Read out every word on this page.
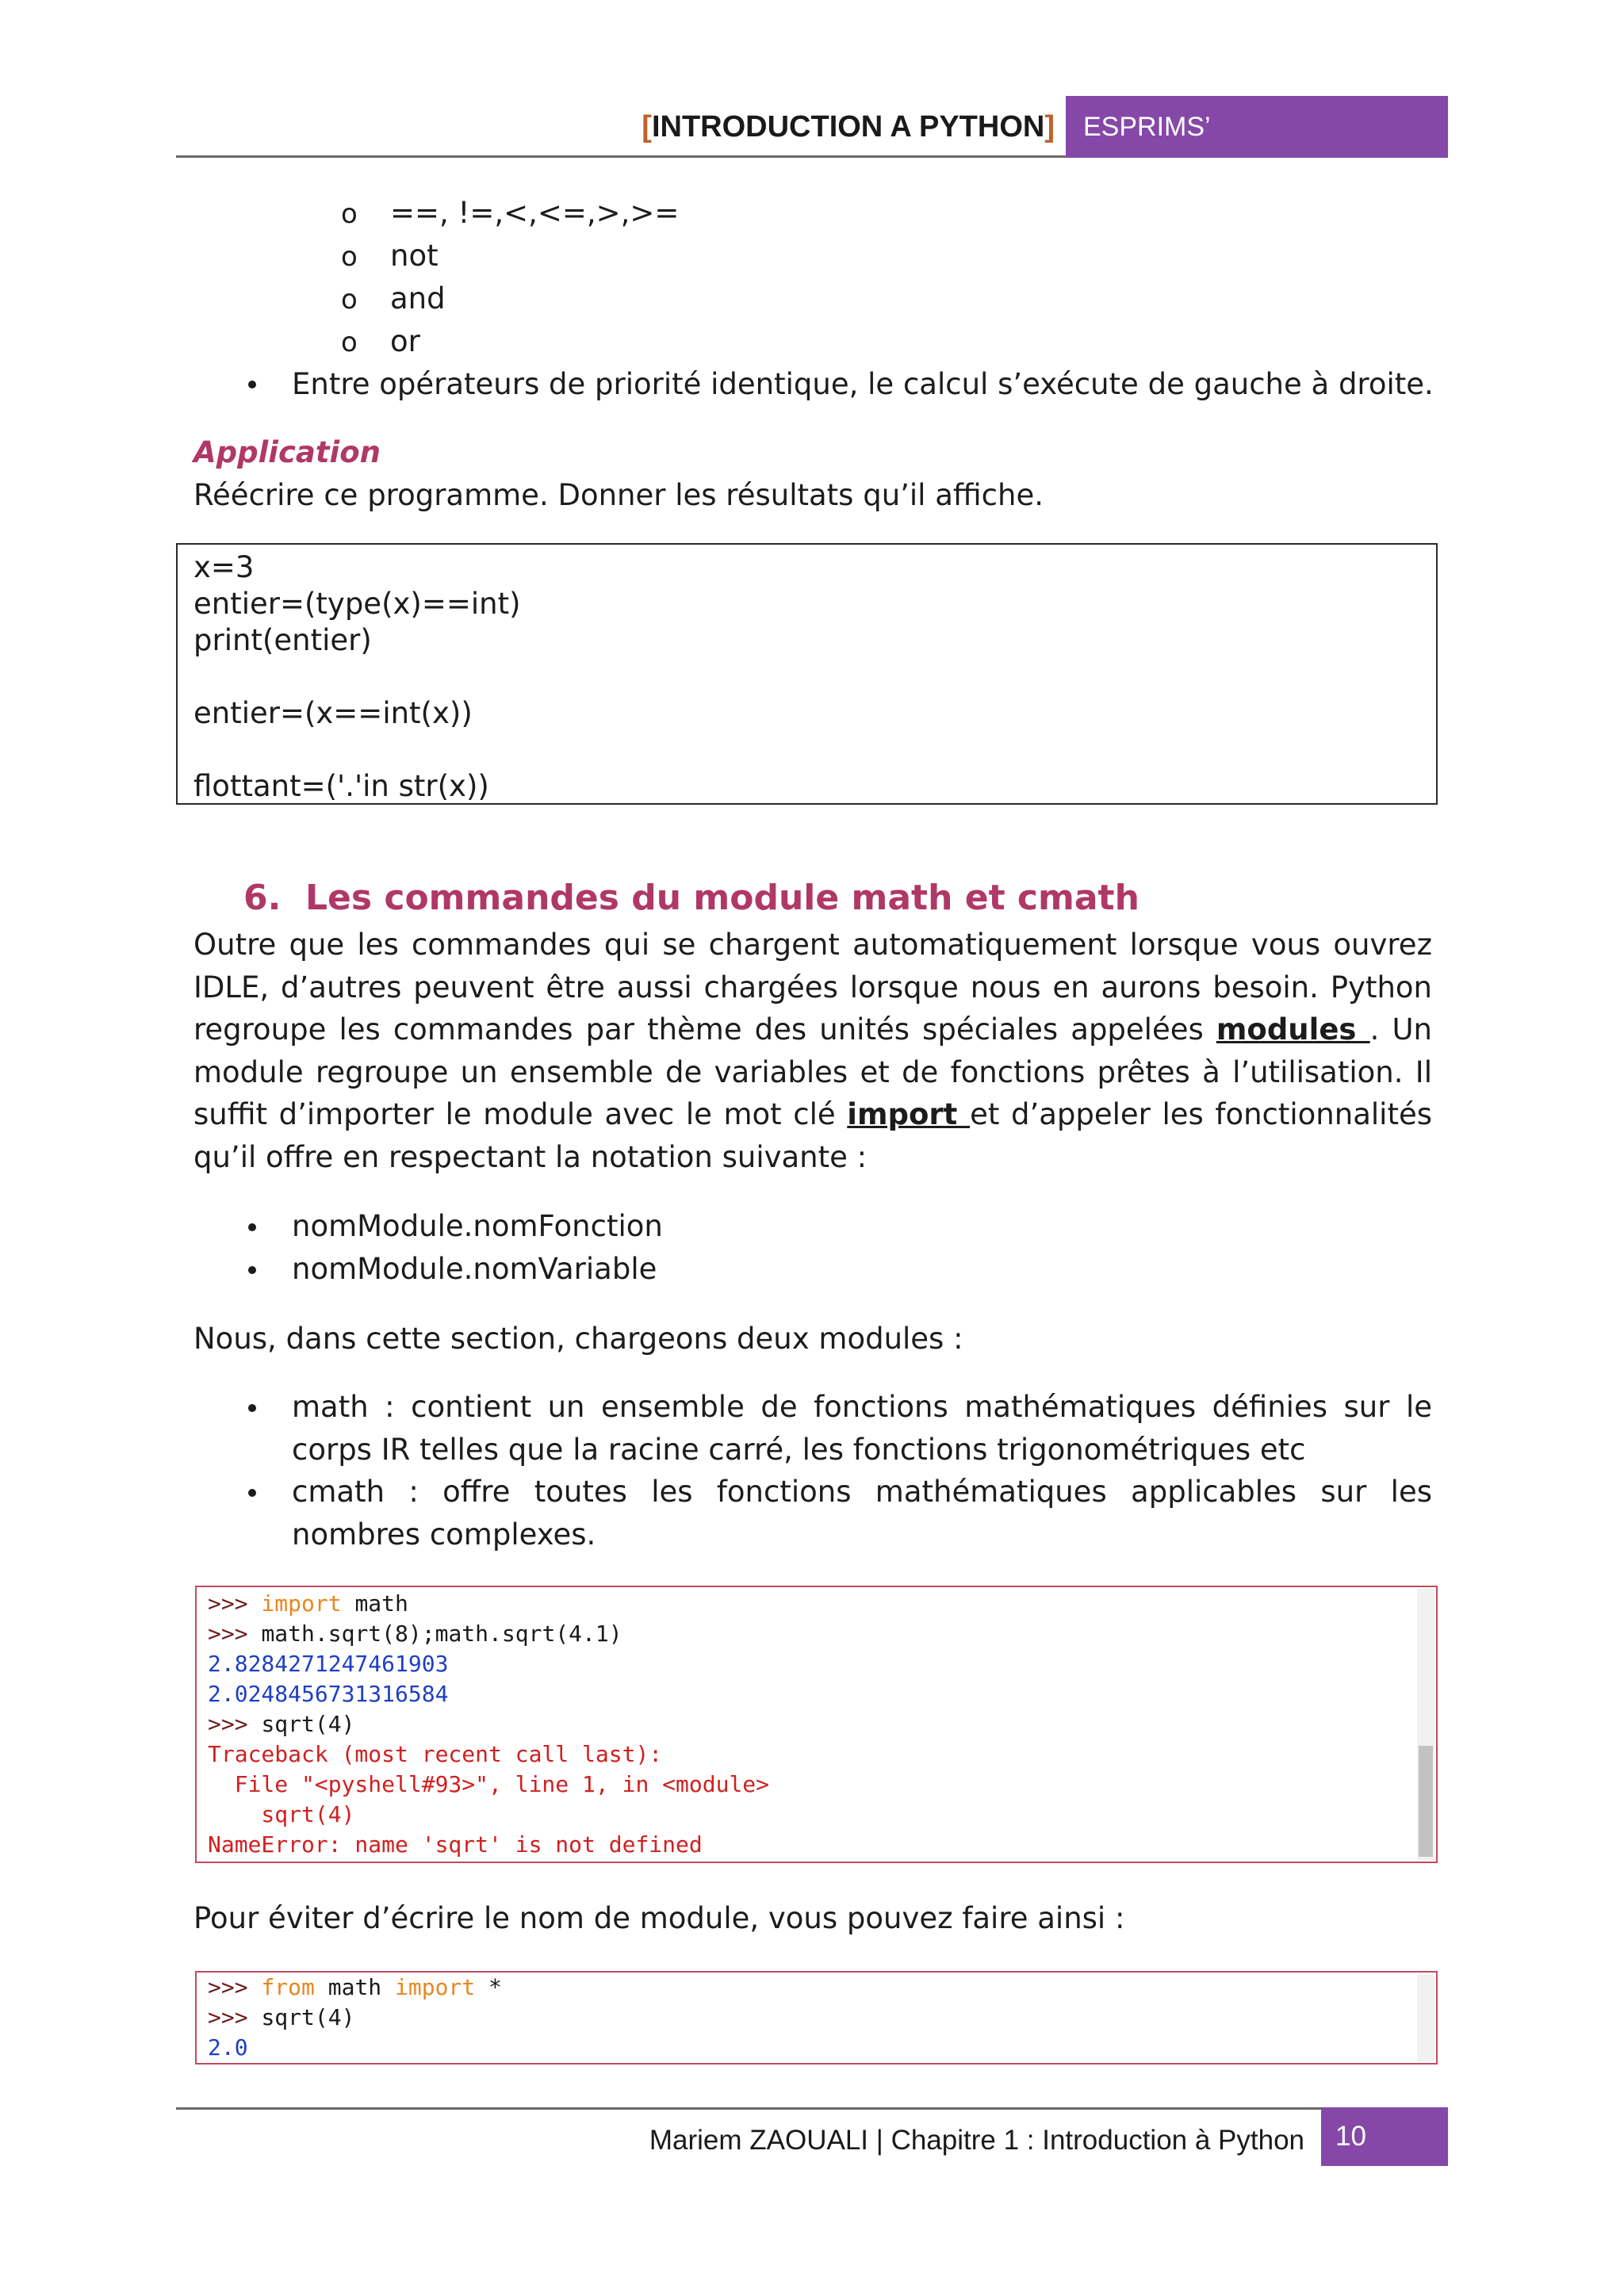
[INTRODUCTION A PYTHON]	ESPRIMS’
o ==, !=,<,<=,>,>=
o not
o and
o or
Entre opérateurs de priorité identique, le calcul s’exécute de gauche à droite.
Application
Réécrire ce programme. Donner les résultats qu’il affiche.
x=3
entier=(type(x)==int)
print(entier)
entier=(x==int(x))
flottant=('.'in str(x))
6. Les commandes du module math et cmath
Outre que les commandes qui se chargent automatiquement lorsque vous ouvrez IDLE, d’autres peuvent être aussi chargées lorsque nous en aurons besoin. Python regroupe les commandes par thème des unités spéciales appelées modules . Un module regroupe un ensemble de variables et de fonctions prêtes à l’utilisation. Il suffit d’importer le module avec le mot clé import et d’appeler les fonctionnalités qu’il offre en respectant la notation suivante :
nomModule.nomFonction
nomModule.nomVariable
Nous, dans cette section, chargeons deux modules :
math : contient un ensemble de fonctions mathématiques définies sur le corps IR telles que la racine carré, les fonctions trigonométriques etc
cmath : offre toutes les fonctions mathématiques applicables sur les nombres complexes.
>>> import math
>>> math.sqrt(8);math.sqrt(4.1)
2.8284271247461903
2.0248456731316584
>>> sqrt(4)
Traceback (most recent call last):
File "<pyshell#93>", line 1, in <module>
sqrt(4)
NameError: name 'sqrt' is not defined
Pour éviter d’écrire le nom de module, vous pouvez faire ainsi :
>>> from math import *
>>> sqrt(4)
2.0
Mariem ZAOUALI | Chapitre 1 : Introduction à Python	10
